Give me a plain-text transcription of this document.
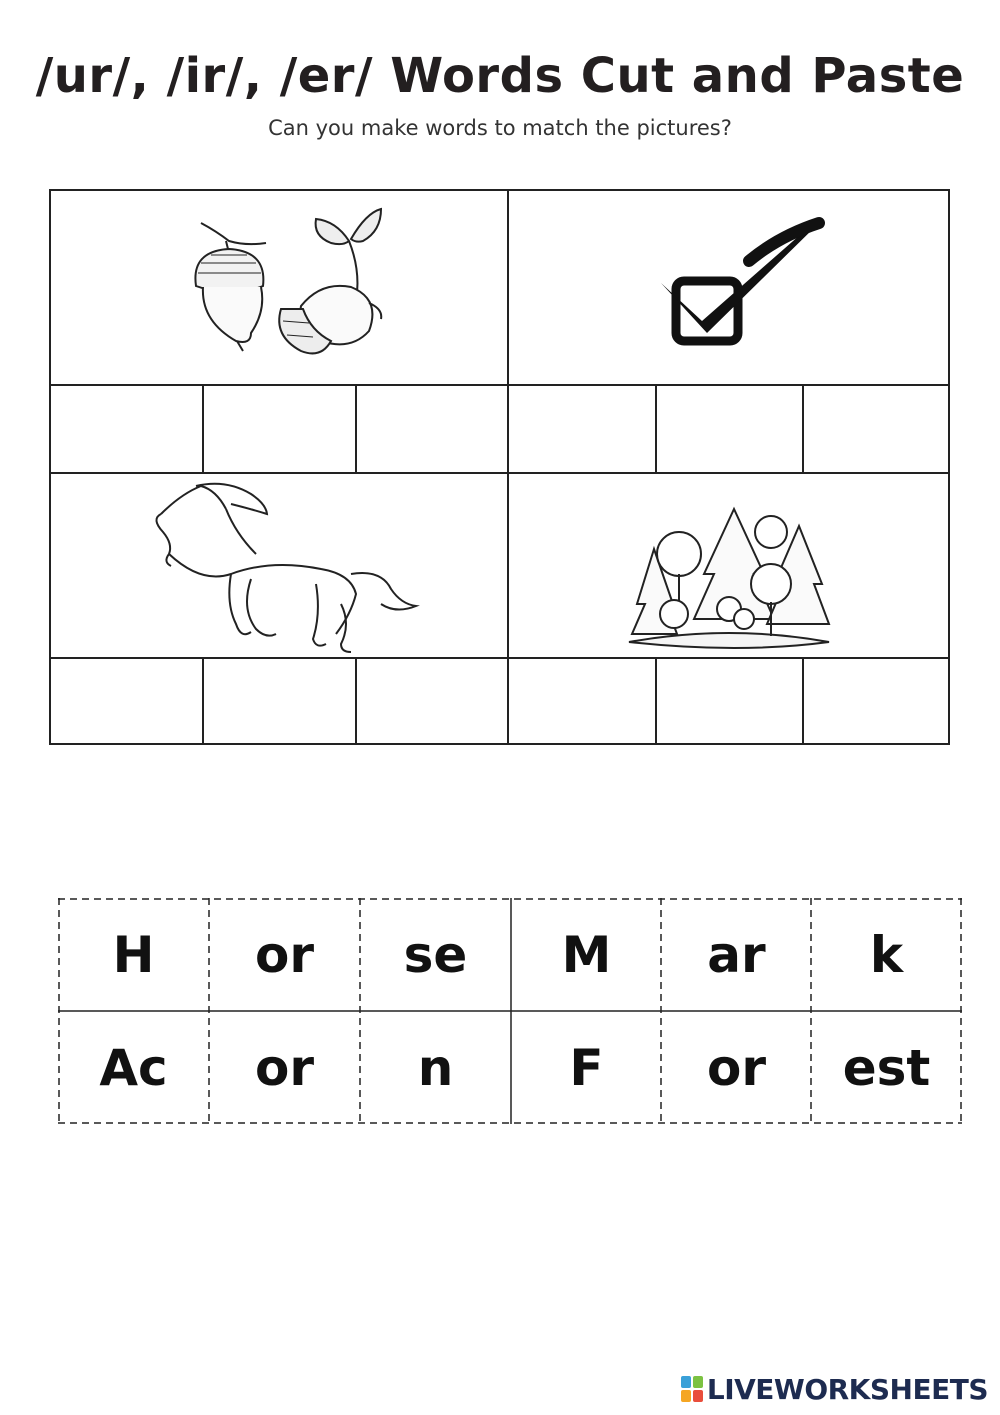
/ur/, /ir/, /er/ Words Cut and Paste
Can you make words to match the pictures?
H or se M ar k
Ac or n F or est
LIVEWORKSHEETS
